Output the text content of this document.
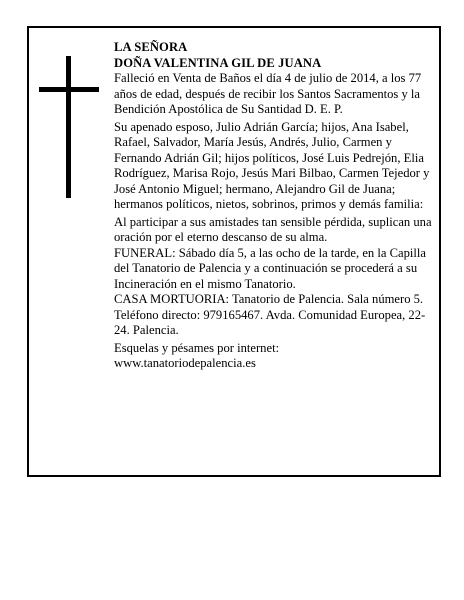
LA SEÑORA

DOÑA VALENTINA GIL DE JUANA

Falleció en Venta de Baños el día 4 de julio de 2014, a los 77 años de edad, después de recibir los Santos Sacramentos y la Bendición Apostólica de Su Santidad D. E. P.

Su apenado esposo, Julio Adrián García; hijos, Ana Isabel, Rafael, Salvador, María Jesús, Andrés, Julio, Carmen y Fernando Adrián Gil; hijos políticos, José Luis Pedrejón, Elia Rodríguez, Marisa Rojo, Jesús Mari Bilbao, Carmen Tejedor y José Antonio Miguel; hermano, Alejandro Gil de Juana; hermanos políticos, nietos, sobrinos, primos y demás familia:

Al participar a sus amistades tan sensible pérdida, suplican una oración por el eterno descanso de su alma.

FUNERAL: Sábado día 5, a las ocho de la tarde, en la Capilla del Tanatorio de Palencia y a continuación se procederá a su Incineración en el mismo Tanatorio.

CASA MORTUORIA: Tanatorio de Palencia. Sala número 5. Teléfono directo: 979165467. Avda. Comunidad Europea, 22-24. Palencia.

Esquelas y pésames por internet:

www.tanatoriodepalencia.es
